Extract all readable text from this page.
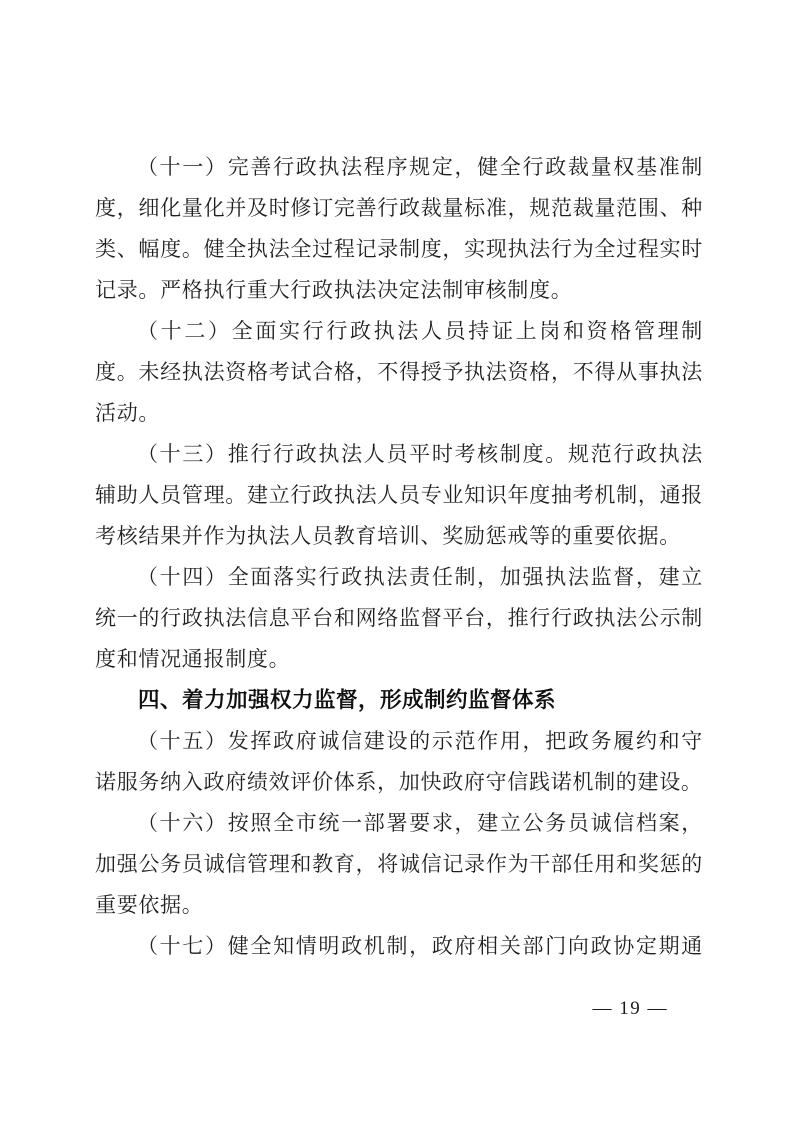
（十一）完善行政执法程序规定，健全行政裁量权基准制
度，细化量化并及时修订完善行政裁量标准，规范裁量范围、种
类、幅度。健全执法全过程记录制度，实现执法行为全过程实时
记录。严格执行重大行政执法决定法制审核制度。
（十二）全面实行行政执法人员持证上岗和资格管理制
度。未经执法资格考试合格，不得授予执法资格，不得从事执法
活动。
（十三）推行行政执法人员平时考核制度。规范行政执法
辅助人员管理。建立行政执法人员专业知识年度抽考机制，通报
考核结果并作为执法人员教育培训、奖励惩戒等的重要依据。
（十四）全面落实行政执法责任制，加强执法监督，建立
统一的行政执法信息平台和网络监督平台，推行行政执法公示制
度和情况通报制度。
四、着力加强权力监督，形成制约监督体系
（十五）发挥政府诚信建设的示范作用，把政务履约和守
诺服务纳入政府绩效评价体系，加快政府守信践诺机制的建设。
（十六）按照全市统一部署要求，建立公务员诚信档案，
加强公务员诚信管理和教育，将诚信记录作为干部任用和奖惩的
重要依据。
（十七）健全知情明政机制，政府相关部门向政协定期通
— 19 —
